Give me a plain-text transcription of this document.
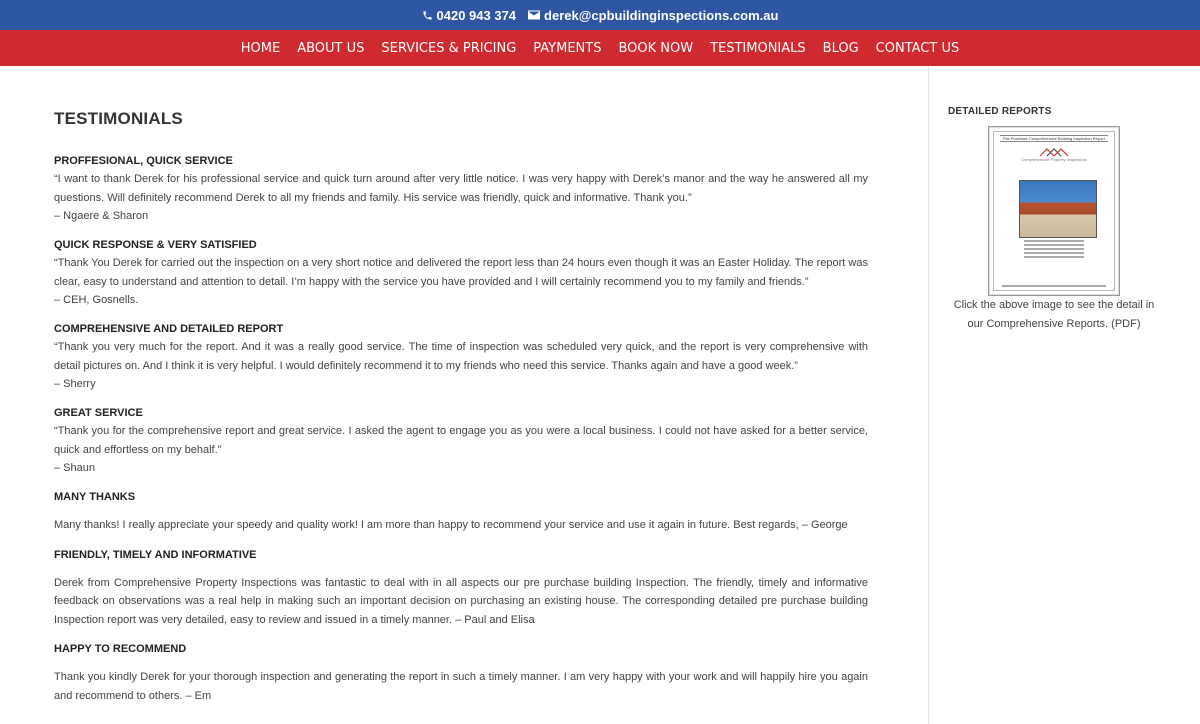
0420 943 374 derek@cpbuildinginspections.com.au
HOME ABOUT US SERVICES & PRICING PAYMENTS BOOK NOW TESTIMONIALS BLOG CONTACT US
TESTIMONIALS
PROFFESIONAL, QUICK SERVICE

“I want to thank Derek for his professional service and quick turn around after very little notice. I was very happy with Derek’s manor and the way he answered all my questions. Will definitely recommend Derek to all my friends and family. His service was friendly, quick and informative. Thank you.”

– Ngaere & Sharon
QUICK RESPONSE & VERY SATISFIED

“Thank You Derek for carried out the inspection on a very short notice and delivered the report less than 24 hours even though it was an Easter Holiday. The report was clear, easy to understand and attention to detail. I’m happy with the service you have provided and I will certainly recommend you to my family and friends.”

– CEH, Gosnells.
COMPREHENSIVE AND DETAILED REPORT

“Thank you very much for the report. And it was a really good service. The time of inspection was scheduled very quick, and the report is very comprehensive with detail pictures on. And I think it is very helpful. I would definitely recommend it to my friends who need this service. Thanks again and have a good week.”

– Sherry
GREAT SERVICE

“Thank you for the comprehensive report and great service. I asked the agent to engage you as you were a local business. I could not have asked for a better service, quick and effortless on my behalf.”

– Shaun
MANY THANKS

Many thanks! I really appreciate your speedy and quality work! I am more than happy to recommend your service and use it again in future. Best regards, – George

FRIENDLY, TIMELY AND INFORMATIVE

Derek from Comprehensive Property Inspections was fantastic to deal with in all aspects our pre purchase building Inspection. The friendly, timely and informative feedback on observations was a real help in making such an important decision on purchasing an existing house. The corresponding detailed pre purchase building Inspection report was very detailed, easy to review and issued in a timely manner. – Paul and Elisa

HAPPY TO RECOMMEND

Thank you kindly Derek for your thorough inspection and generating the report in such a timely manner. I am very happy with your work and will happily hire you again and recommend to others. – Em

DETAILED REPORTS
Pre-Purchase Comprehensive Building Inspection Report
Comprehensive Property Inspections
Click the above image to see the detail in our Comprehensive Reports. (PDF)
